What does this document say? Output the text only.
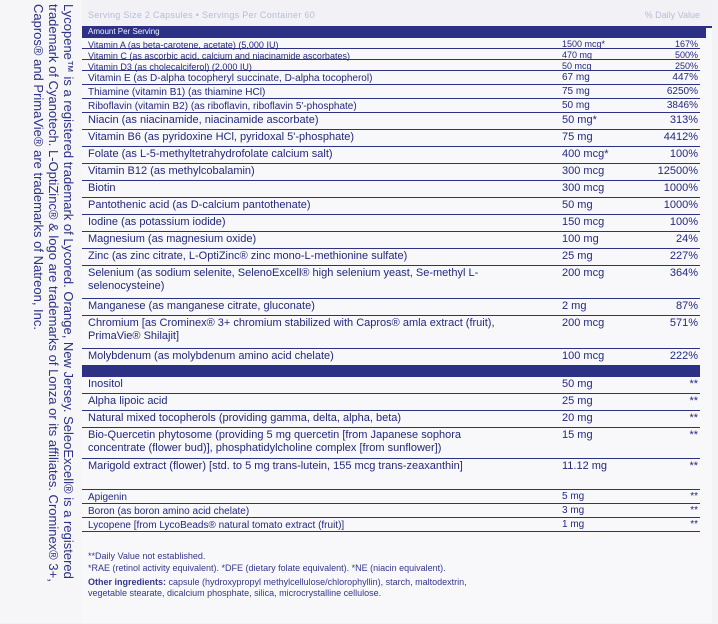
Lycopene™ is a registered trademark of Lycored. Orange, New Jersey. SeleoExcell® is a registered trademark of Cyanotech. L-OptiZinc® & logo are trademarks of Lonza or its affiliates. Crominex® 3+, Capros® and PrimaVie® are trademarks of Natreon, Inc.	Serving Size 2 Capsules • Servings Per Container 60	% Daily Value
Amount Per Serving
Vitamin A (as beta-carotene, acetate) (5,000 IU)	1500 mcg*	167%
Vitamin C (as ascorbic acid, calcium and niacinamide ascorbates)	470 mg	500%
Vitamin D3 (as cholecalciferol) (2,000 IU)	50 mcg	250%
Vitamin E (as D-alpha tocopheryl succinate, D-alpha tocopherol)	67 mg	447%
Thiamine (vitamin B1) (as thiamine HCl)	75 mg	6250%
Riboflavin (vitamin B2) (as riboflavin, riboflavin 5'-phosphate)	50 mg	3846%
Niacin (as niacinamide, niacinamide ascorbate)	50 mg*	313%
Vitamin B6 (as pyridoxine HCl, pyridoxal 5'-phosphate)	75 mg	4412%
Folate (as L-5-methyltetrahydrofolate calcium salt)	400 mcg*	100%
Vitamin B12 (as methylcobalamin)	300 mcg	12500%
Biotin	300 mcg	1000%
Pantothenic acid (as D-calcium pantothenate)	50 mg	1000%
Iodine (as potassium iodide)	150 mcg	100%
Magnesium (as magnesium oxide)	100 mg	24%
Zinc (as zinc citrate, L-OptiZinc® zinc mono-L-methionine sulfate)	25 mg	227%
Selenium (as sodium selenite, SelenoExcell® high selenium yeast, Se-methyl L-selenocysteine)
200 mcg	364%
Manganese (as manganese citrate, gluconate)	2 mg	87%
Chromium [as Crominex® 3+ chromium stabilized with Capros® amla extract (fruit), PrimaVie® Shilajit]
200 mcg	571%
Molybdenum (as molybdenum amino acid chelate)	100 mcg	222%
Inositol	50 mg	**
Alpha lipoic acid	25 mg	**
Natural mixed tocopherols (providing gamma, delta, alpha, beta)	20 mg	**
Bio-Quercetin phytosome (providing 5 mg quercetin [from Japanese sophora concentrate (flower bud)], phosphatidylcholine complex [from sunflower])
15 mg	**
Marigold extract (flower) [std. to 5 mg trans-lutein, 155 mcg trans-zeaxanthin]	11.12 mg	**
Apigenin	5 mg	**
Boron (as boron amino acid chelate)	3 mg	**
Lycopene [from LycoBeads® natural tomato extract (fruit)]	1 mg	**
**Daily Value not established.
*RAE (retinol activity equivalent). *DFE (dietary folate equivalent). *NE (niacin equivalent).
Other ingredients: capsule (hydroxypropyl methylcellulose/chlorophyllin), starch, maltodextrin,
vegetable stearate, dicalcium phosphate, silica, microcrystalline cellulose.
